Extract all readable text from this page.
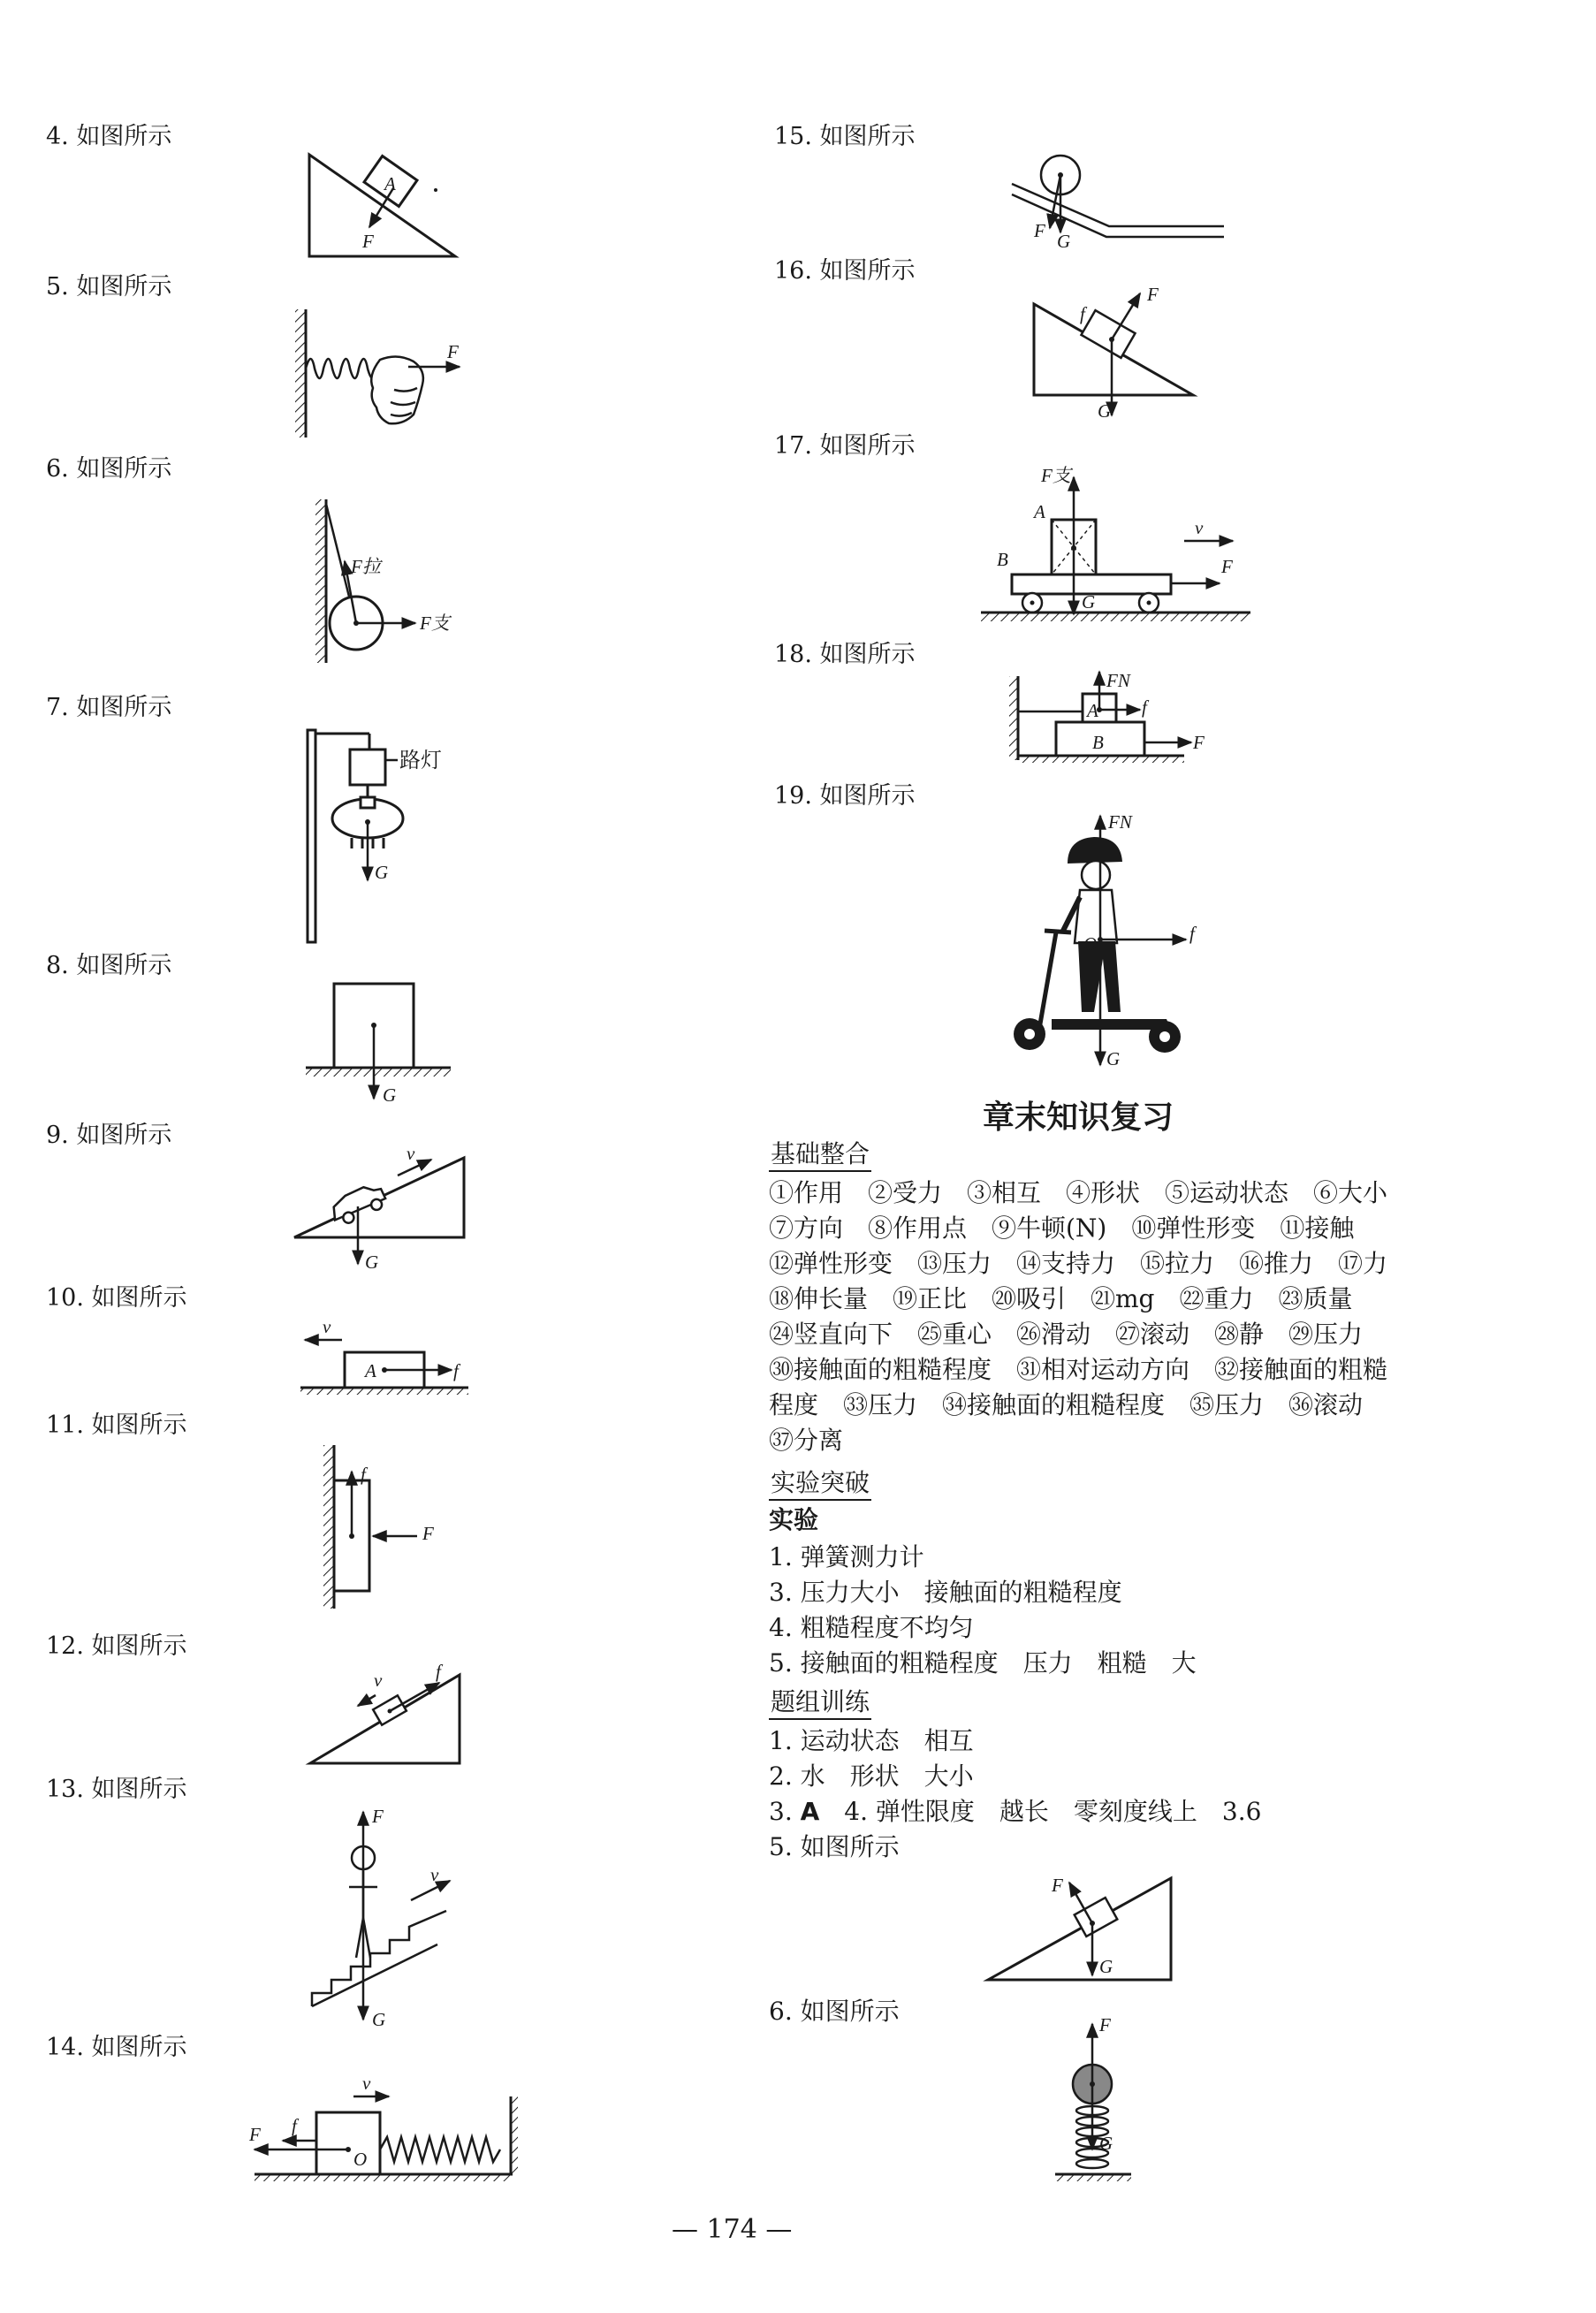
4. 如图所示
5. 如图所示
6. 如图所示
7. 如图所示
8. 如图所示
9. 如图所示
10. 如图所示
11. 如图所示
12. 如图所示
13. 如图所示
14. 如图所示
15. 如图所示
16. 如图所示
17. 如图所示
18. 如图所示
19. 如图所示
A
F
F
F拉
F支
路灯
G
G
v
G
v
A	f
f
F
v	f
F
v
G
v
F f
O
F G
f
F
G
F支
A
B
G
v
F
FN
A f
B	F
FN
O	f
G
章末知识复习
基础整合
①作用　②受力　③相互　④形状　⑤运动状态　⑥大小
⑦方向　⑧作用点　⑨牛顿(N)　⑩弹性形变　⑪接触
⑫弹性形变　⑬压力　⑭支持力　⑮拉力　⑯推力　⑰力
⑱伸长量　⑲正比　⑳吸引　㉑mg　㉒重力　㉓质量
㉔竖直向下　㉕重心　㉖滑动　㉗滚动　㉘静　㉙压力
㉚接触面的粗糙程度　㉛相对运动方向　㉜接触面的粗糙
程度　㉝压力　㉞接触面的粗糙程度　㉟压力　㊱滚动
㊲分离
实验突破
实验
1. 弹簧测力计
3. 压力大小　接触面的粗糙程度
4. 粗糙程度不均匀
5. 接触面的粗糙程度　压力　粗糙　大
题组训练
1. 运动状态　相互
2. 水　形状　大小
3. A　4. 弹性限度　越长　零刻度线上　3.6
5. 如图所示
F
G
6. 如图所示	F
G
— 174 —
